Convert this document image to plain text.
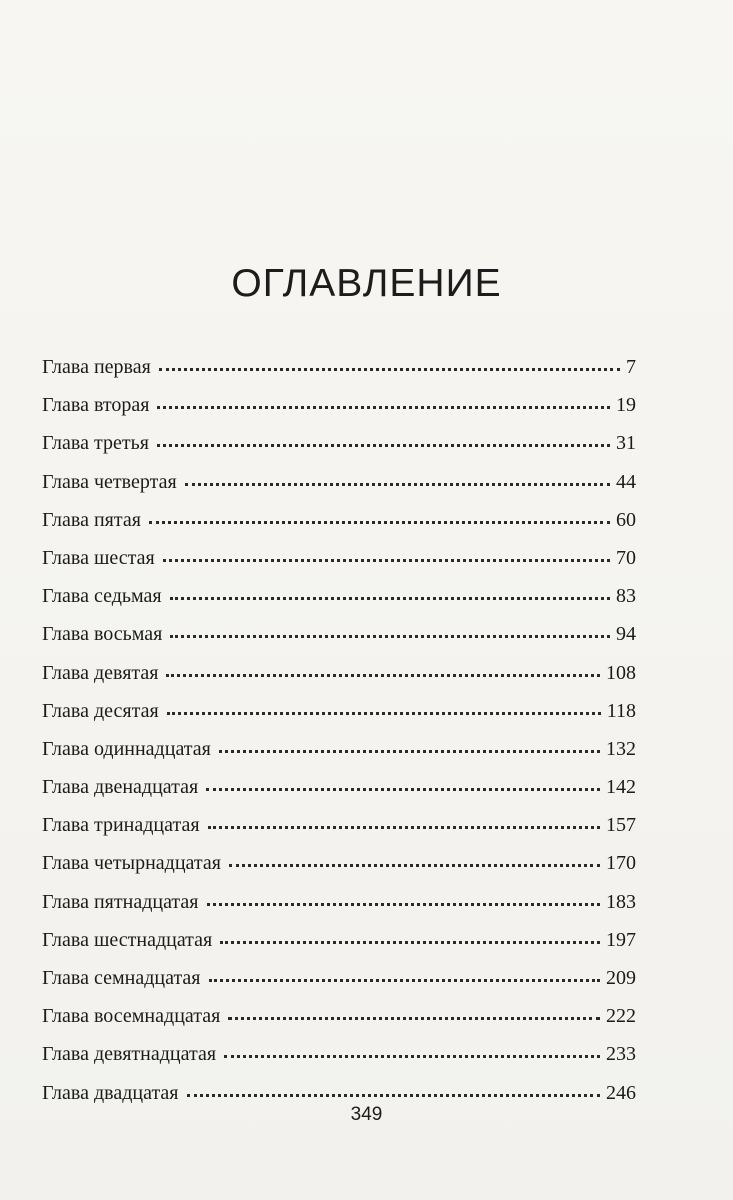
ОГЛАВЛЕНИЕ
Глава первая	7
Глава вторая	19
Глава третья	31
Глава четвертая	44
Глава пятая	60
Глава шестая	70
Глава седьмая	83
Глава восьмая	94
Глава девятая	108
Глава десятая	118
Глава одиннадцатая	132
Глава двенадцатая	142
Глава тринадцатая	157
Глава четырнадцатая	170
Глава пятнадцатая	183
Глава шестнадцатая	197
Глава семнадцатая	209
Глава восемнадцатая	222
Глава девятнадцатая	233
Глава двадцатая	246
349
